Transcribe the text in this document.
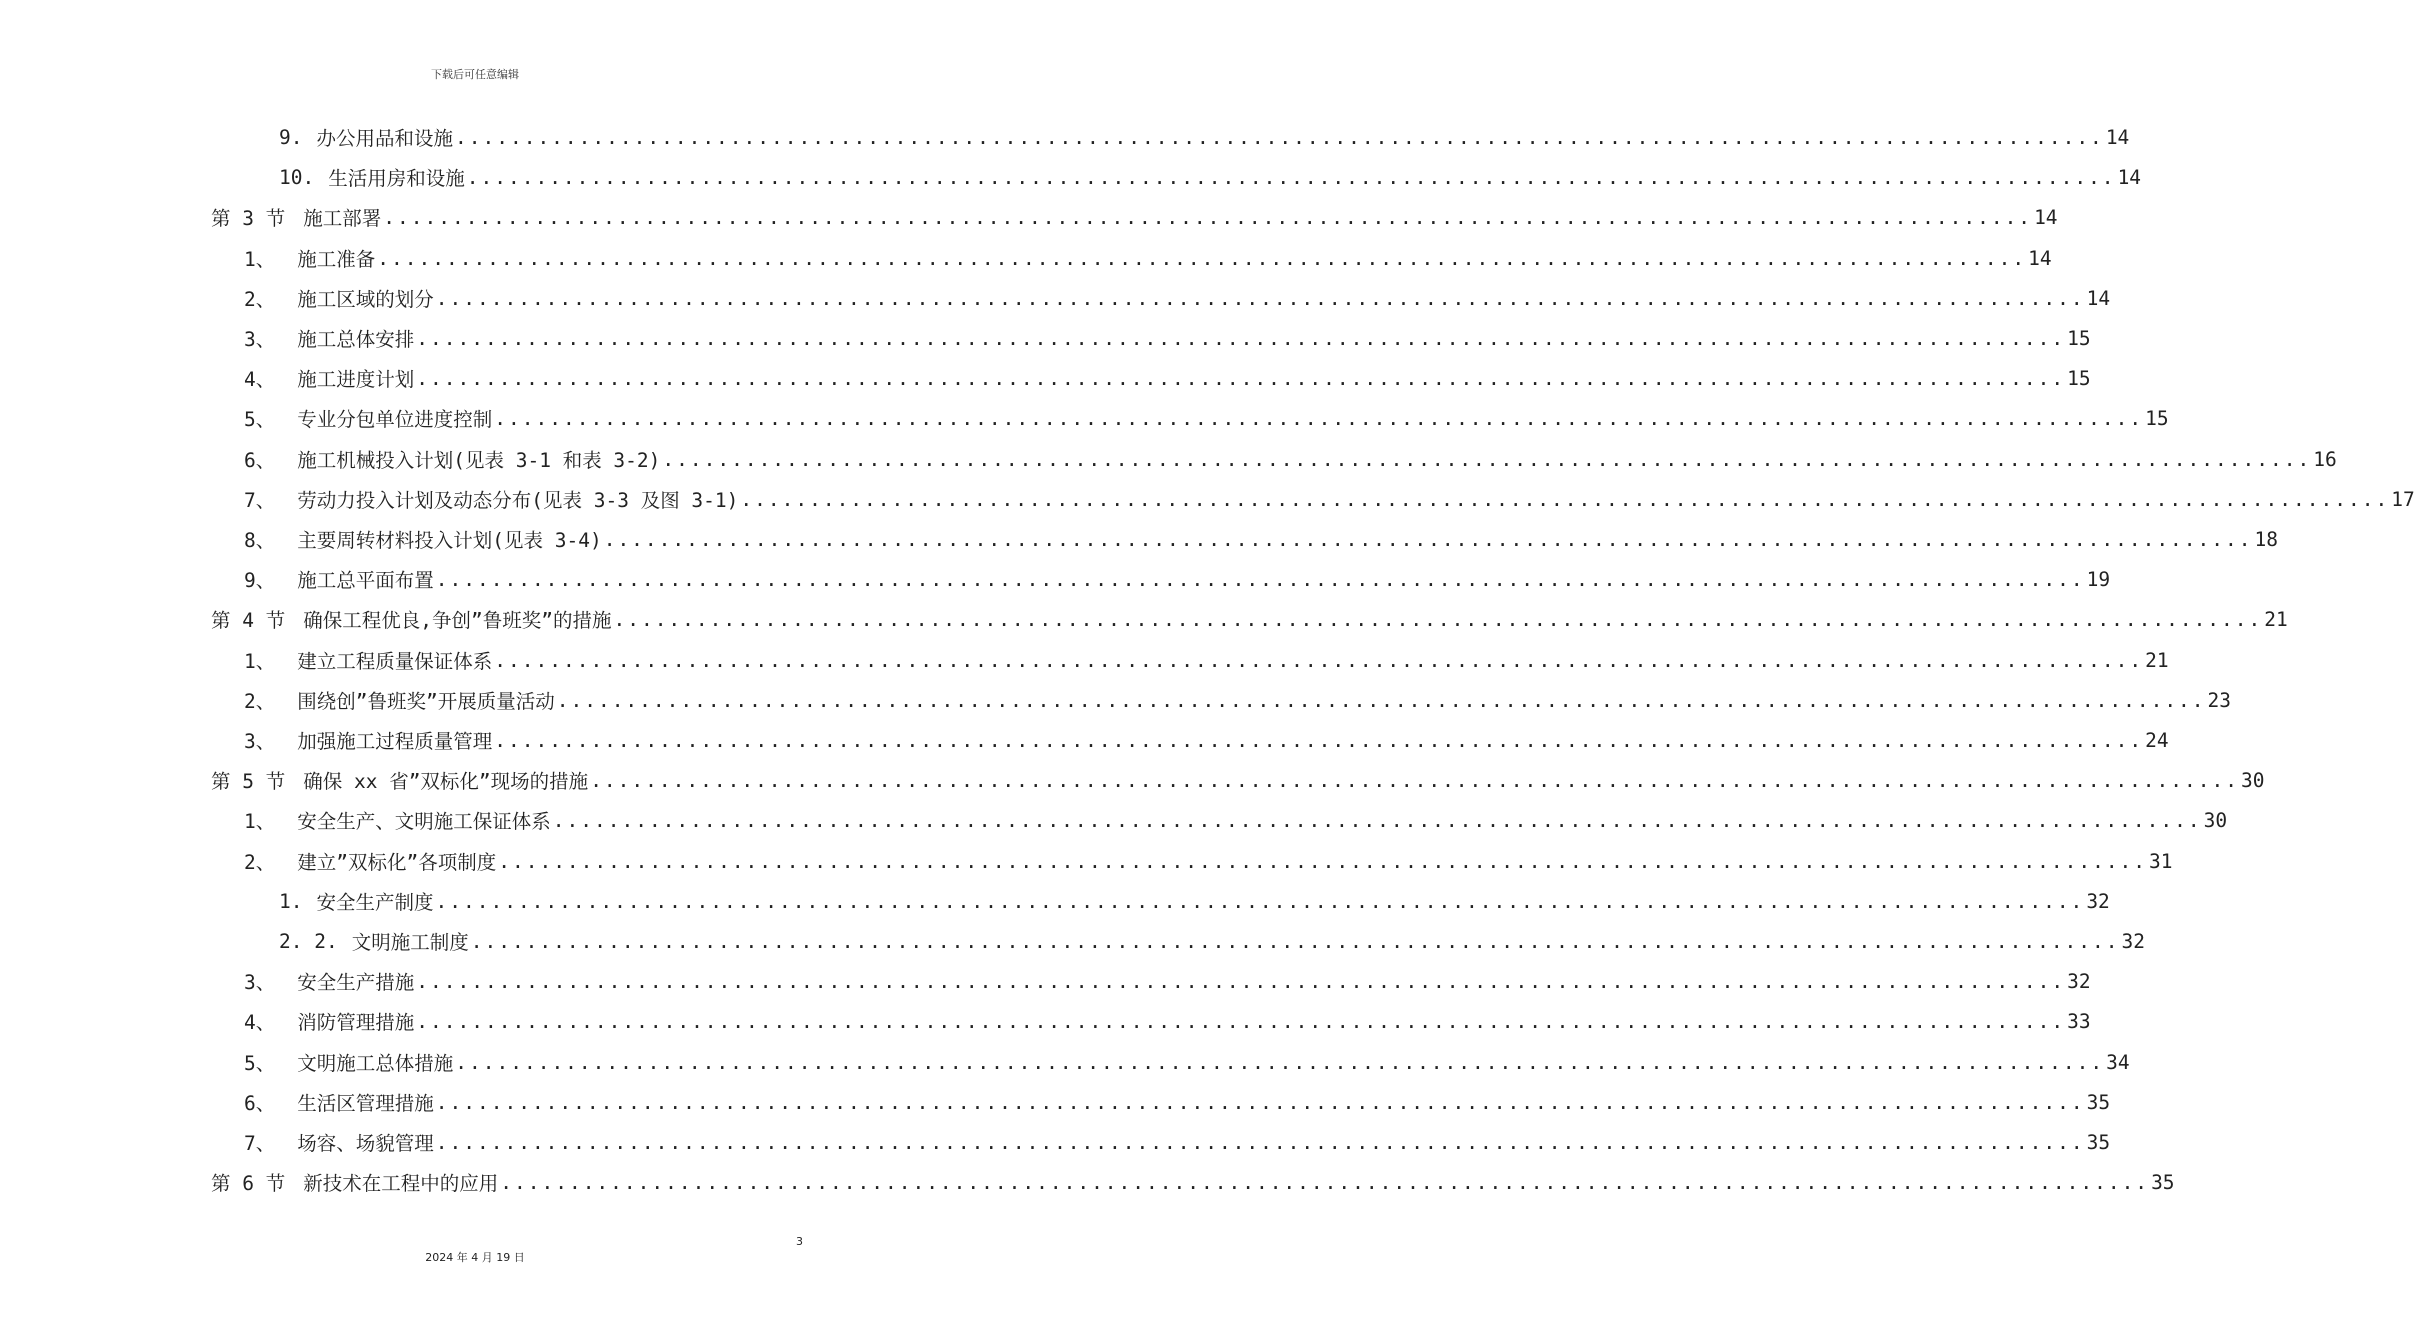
下载后可任意编辑
9. 办公用品和设施 ........................................................................................................................ 14
10. 生活用房和设施 ........................................................................................................................ 14
第 3 节 施工部署 ........................................................................................................................ 14
1、 施工准备 ........................................................................................................................ 14
2、 施工区域的划分 ........................................................................................................................ 14
3、 施工总体安排 ........................................................................................................................ 15
4、 施工进度计划 ........................................................................................................................ 15
5、 专业分包单位进度控制 ........................................................................................................................ 15
6、 施工机械投入计划(见表 3-1 和表 3-2) ........................................................................................................................ 16
7、 劳动力投入计划及动态分布(见表 3-3 及图 3-1) ........................................................................................................................ 17
8、 主要周转材料投入计划(见表 3-4) ........................................................................................................................ 18
9、 施工总平面布置 ........................................................................................................................ 19
第 4 节 确保工程优良,争创”鲁班奖”的措施 ........................................................................................................................ 21
1、 建立工程质量保证体系 ........................................................................................................................ 21
2、 围绕创”鲁班奖”开展质量活动 ........................................................................................................................ 23
3、 加强施工过程质量管理 ........................................................................................................................ 24
第 5 节 确保 xx 省”双标化”现场的措施 ........................................................................................................................ 30
1、 安全生产、文明施工保证体系 ........................................................................................................................ 30
2、 建立”双标化”各项制度 ........................................................................................................................ 31
1. 安全生产制度 ........................................................................................................................ 32
2. 2. 文明施工制度 ........................................................................................................................ 32
3、 安全生产措施 ........................................................................................................................ 32
4、 消防管理措施 ........................................................................................................................ 33
5、 文明施工总体措施 ........................................................................................................................ 34
6、 生活区管理措施 ........................................................................................................................ 35
7、 场容、场貌管理 ........................................................................................................................ 35
第 6 节 新技术在工程中的应用 ........................................................................................................................ 35
3
2024 年 4 月 19 日
